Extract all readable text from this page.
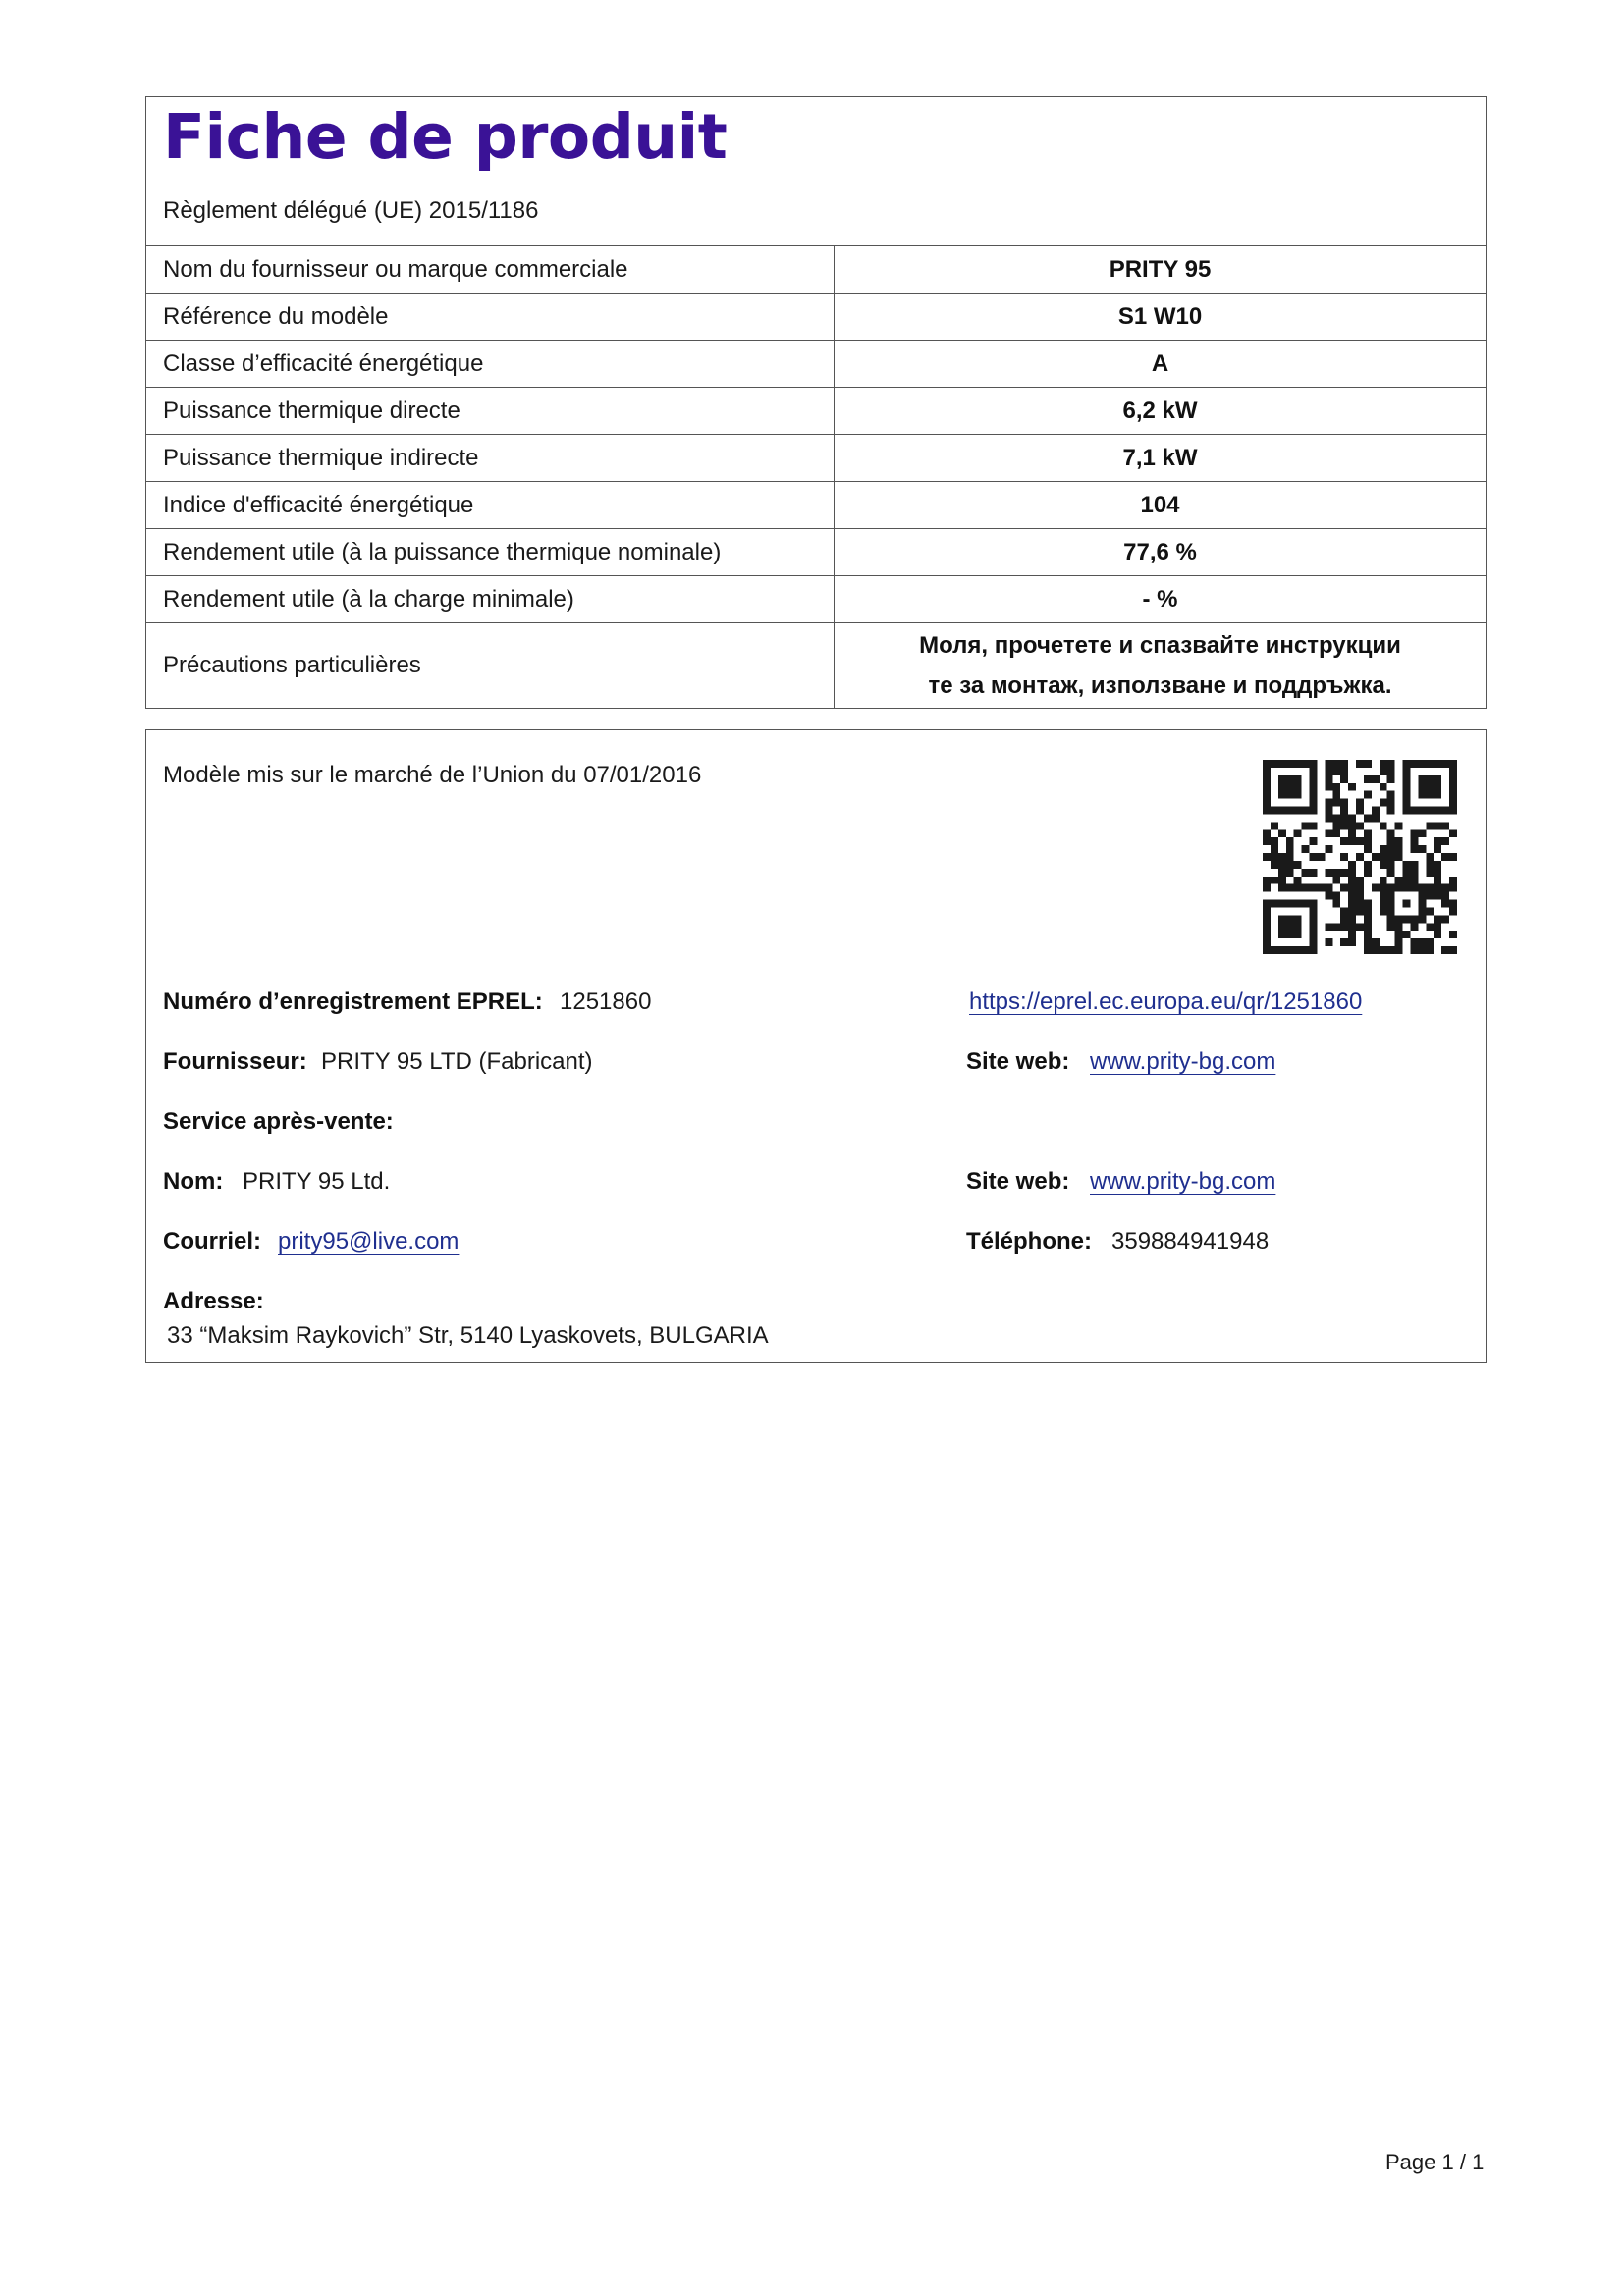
Fiche de produit
Règlement délégué (UE) 2015/1186
Nom du fournisseur ou marque commerciale	PRITY 95
Référence du modèle	S1 W10
Classe d’efficacité énergétique	A
Puissance thermique directe	6,2 kW
Puissance thermique indirecte	7,1 kW
Indice d'efficacité énergétique	104
Rendement utile (à la puissance thermique nominale)	77,6 %
Rendement utile (à la charge minimale)	- %
Précautions particulières	Моля, прочетете и спазвайте инструкции
те за монтаж, използване и поддръжка.
Modèle mis sur le marché de l’Union du 07/01/2016
Numéro d’enregistrement EPREL: 1251860	https://eprel.ec.europa.eu/qr/1251860
Fournisseur: PRITY 95 LTD (Fabricant)	Site web: www.prity-bg.com
Service après-vente:
Nom: PRITY 95 Ltd.	Site web: www.prity-bg.com
Courriel: prity95@live.com	Téléphone: 359884941948
Adresse:
33 “Maksim Raykovich” Str, 5140 Lyaskovets, BULGARIA
Page 1 / 1
